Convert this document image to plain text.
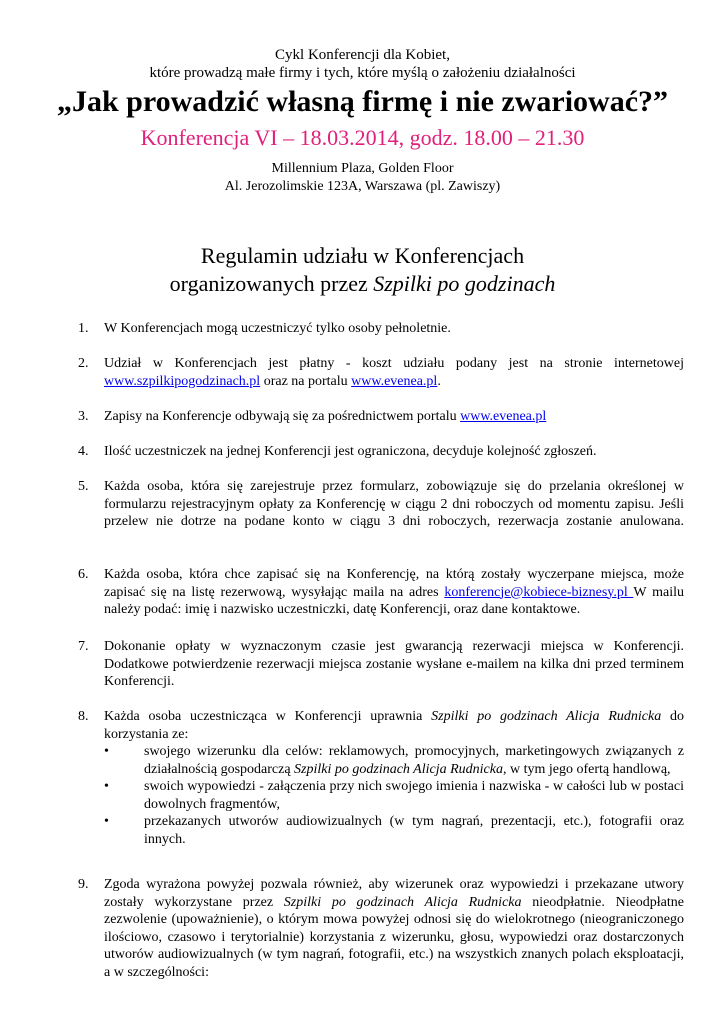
Cykl Konferencji dla Kobiet,
które prowadzą małe firmy i tych, które myślą o założeniu działalności
„Jak prowadzić własną firmę i nie zwariować?”
Konferencja VI – 18.03.2014, godz. 18.00 – 21.30
Millennium Plaza, Golden Floor
Al. Jerozolimskie 123A, Warszawa (pl. Zawiszy)
Regulamin udziału w Konferencjach
organizowanych przez Szpilki po godzinach
1. W Konferencjach mogą uczestniczyć tylko osoby pełnoletnie.
2. Udział w Konferencjach jest płatny - koszt udziału podany jest na stronie internetowej www.szpilkipogodzinach.pl oraz na portalu www.evenea.pl.
3. Zapisy na Konferencje odbywają się za pośrednictwem portalu www.evenea.pl
4. Ilość uczestniczek na jednej Konferencji jest ograniczona, decyduje kolejność zgłoszeń.
5. Każda osoba, która się zarejestruje przez formularz, zobowiązuje się do przelania określonej w formularzu rejestracyjnym opłaty za Konferencję w ciągu 2 dni roboczych od momentu zapisu. Jeśli przelew nie dotrze na podane konto w ciągu 3 dni roboczych, rezerwacja zostanie anulowana.
6. Każda osoba, która chce zapisać się na Konferencję, na którą zostały wyczerpane miejsca, może zapisać się na listę rezerwową, wysyłając maila na adres konferencje@kobiece-biznesy.pl W mailu należy podać: imię i nazwisko uczestniczki, datę Konferencji, oraz dane kontaktowe.
7. Dokonanie opłaty w wyznaczonym czasie jest gwarancją rezerwacji miejsca w Konferencji. Dodatkowe potwierdzenie rezerwacji miejsca zostanie wysłane e-mailem na kilka dni przed terminem Konferencji.
8. Każda osoba uczestnicząca w Konferencji uprawnia Szpilki po godzinach Alicja Rudnicka do korzystania ze:
•	swojego wizerunku dla celów: reklamowych, promocyjnych, marketingowych związanych z działalnością gospodarczą Szpilki po godzinach Alicja Rudnicka, w tym jego ofertą handlową,
•	swoich wypowiedzi - załączenia przy nich swojego imienia i nazwiska - w całości lub w postaci dowolnych fragmentów,
•	przekazanych utworów audiowizualnych (w tym nagrań, prezentacji, etc.), fotografii oraz innych.
9. Zgoda wyrażona powyżej pozwala również, aby wizerunek oraz wypowiedzi i przekazane utwory zostały wykorzystane przez Szpilki po godzinach Alicja Rudnicka nieodpłatnie. Nieodpłatne zezwolenie (upoważnienie), o którym mowa powyżej odnosi się do wielokrotnego (nieograniczonego ilościowo, czasowo i terytorialnie) korzystania z wizerunku, głosu, wypowiedzi oraz dostarczonych utworów audiowizualnych (w tym nagrań, fotografii, etc.) na wszystkich znanych polach eksploatacji, a w szczególności:
